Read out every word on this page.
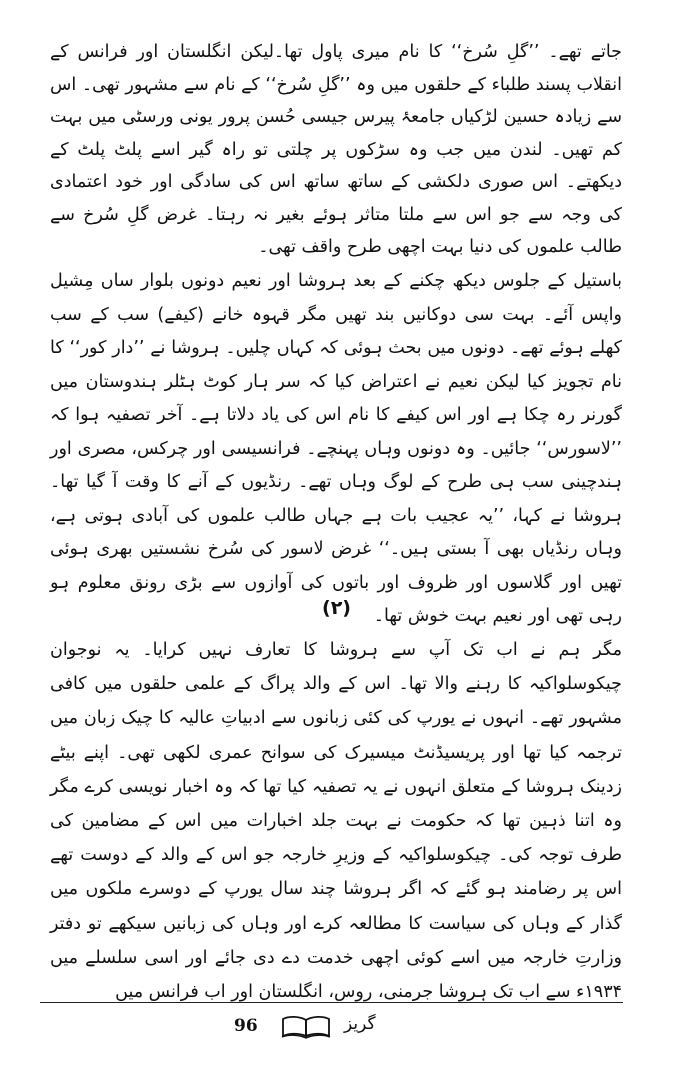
جاتے تھے۔ ’’گلِ سُرخ‘‘ کا نام میری پاول تھا۔لیکن انگلستان اور فرانس کے انقلاب پسند طلباء کے حلقوں میں وہ ’’گلِ سُرخ‘‘ کے نام سے مشہور تھی۔ اس سے زیادہ حسین لڑکیاں جامعۂ پیرس جیسی حُسن پرور یونی ورسٹی میں بہت کم تھیں۔ لندن میں جب وہ سڑکوں پر چلتی تو راہ گیر اسے پلٹ پلٹ کے دیکھتے۔ اس صوری دلکشی کے ساتھ ساتھ اس کی سادگی اور خود اعتمادی کی وجہ سے جو اس سے ملتا متاثر ہوئے بغیر نہ رہتا۔ غرض گلِ سُرخ سے طالب علموں کی دنیا بہت اچھی طرح واقف تھی۔

باستیل کے جلوس دیکھ چکنے کے بعد ہروشا اور نعیم دونوں بلوار ساں مِشیل واپس آئے۔ بہت سی دوکانیں بند تھیں مگر قہوہ خانے (کیفے) سب کے سب کھلے ہوئے تھے۔ دونوں میں بحث ہوئی کہ کہاں چلیں۔ ہروشا نے ’’دار کور‘‘ کا نام تجویز کیا لیکن نعیم نے اعتراض کیا کہ سر ہار کوٹ ہٹلر ہندوستان میں گورنر رہ چکا ہے اور اس کیفے کا نام اس کی یاد دلاتا ہے۔ آخر تصفیہ ہوا کہ ’’لاسورس‘‘ جائیں۔ وہ دونوں وہاں پہنچے۔ فرانسیسی اور چرکس، مصری اور ہندچینی سب ہی طرح کے لوگ وہاں تھے۔ رنڈیوں کے آنے کا وقت آ گیا تھا۔ ہروشا نے کہا، ’’یہ عجیب بات ہے جہاں طالب علموں کی آبادی ہوتی ہے، وہاں رنڈیاں بھی آ بستی ہیں۔‘‘ غرض لاسور کی سُرخ نشستیں بھری ہوئی تھیں اور گلاسوں اور ظروف اور باتوں کی آوازوں سے بڑی رونق معلوم ہو رہی تھی اور نعیم بہت خوش تھا۔

(۲)

مگر ہم نے اب تک آپ سے ہروشا کا تعارف نہیں کرایا۔ یہ نوجوان چیکوسلواکیہ کا رہنے والا تھا۔ اس کے والد پراگ کے علمی حلقوں میں کافی مشہور تھے۔ انہوں نے یورپ کی کئی زبانوں سے ادبیاتِ عالیہ کا چیک زبان میں ترجمہ کیا تھا اور پریسیڈنٹ میسیرک کی سوانح عمری لکھی تھی۔ اپنے بیٹے زدینک ہروشا کے متعلق انہوں نے یہ تصفیہ کیا تھا کہ وہ اخبار نویسی کرے مگر وہ اتنا ذہین تھا کہ حکومت نے بہت جلد اخبارات میں اس کے مضامین کی طرف توجہ کی۔ چیکوسلواکیہ کے وزیرِ خارجہ جو اس کے والد کے دوست تھے اس پر رضامند ہو گئے کہ اگر ہروشا چند سال یورپ کے دوسرے ملکوں میں گذار کے وہاں کی سیاست کا مطالعہ کرے اور وہاں کی زبانیں سیکھے تو دفتر وزارتِ خارجہ میں اسے کوئی اچھی خدمت دے دی جائے اور اسی سلسلے میں ۱۹۳۴ء سے اب تک ہروشا جرمنی، روس، انگلستان اور اب فرانس میں

96	گریز
